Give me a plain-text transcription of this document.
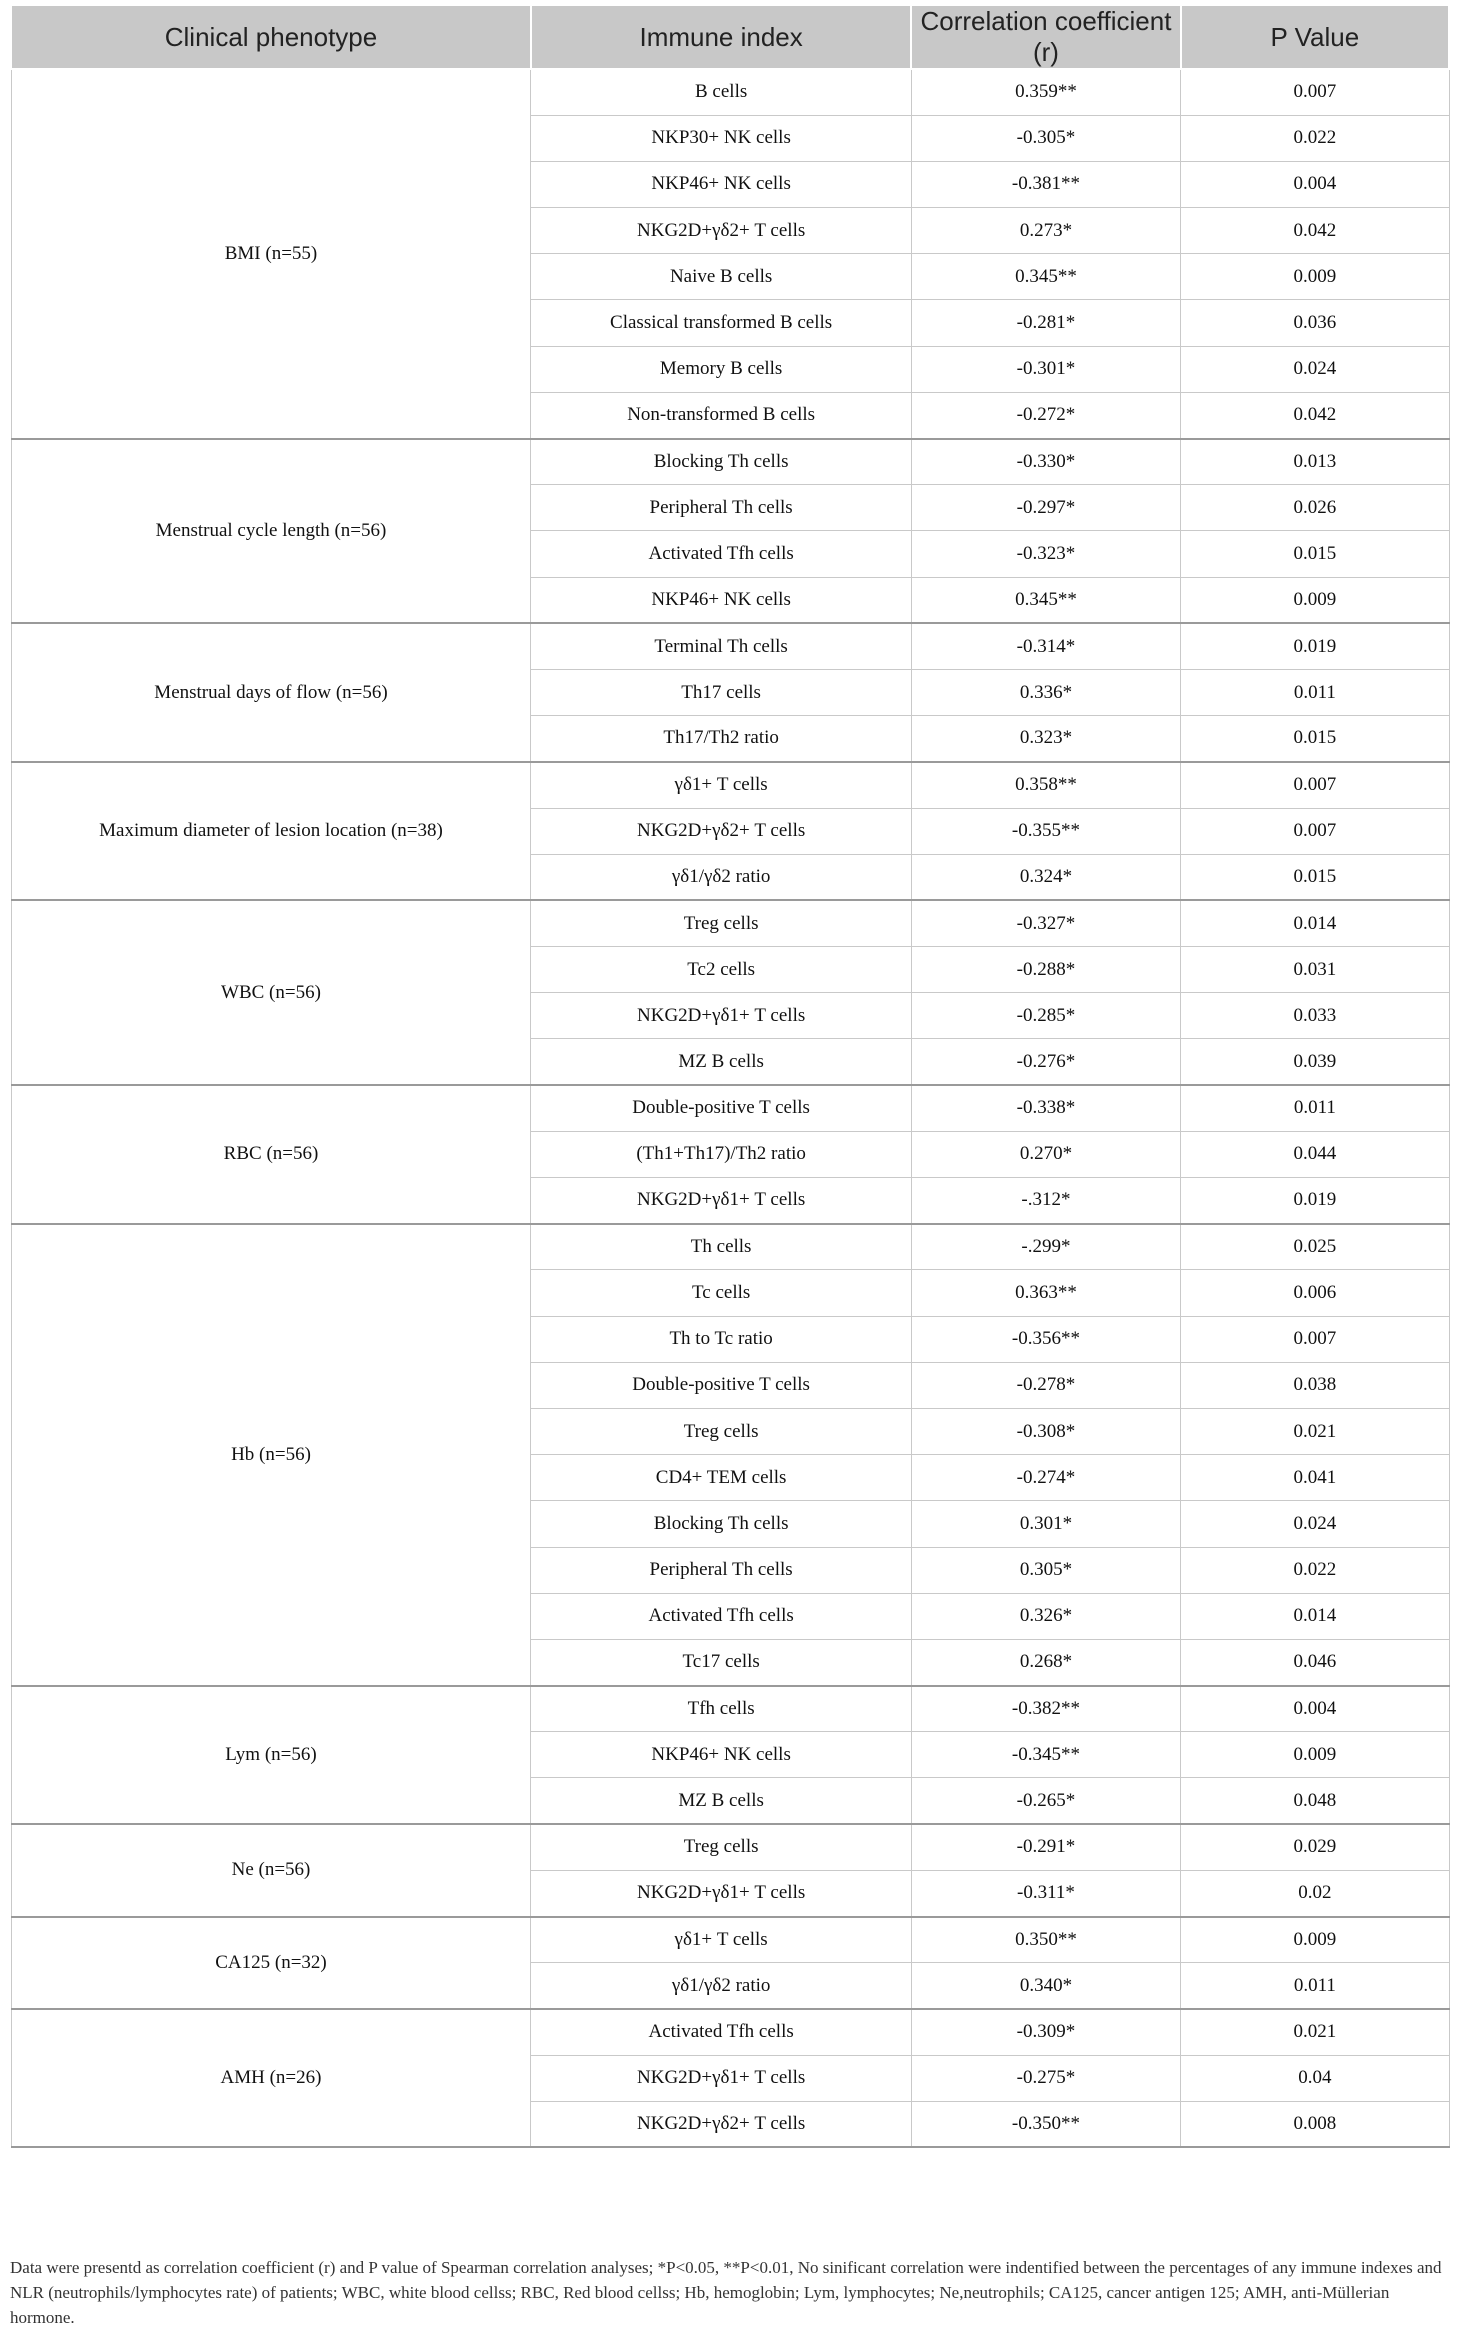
Clinical phenotype	Immune index	Correlation coefficient (r)	P Value
BMI (n=55)	B cells	0.359**	0.007
	NKP30+ NK cells	-0.305*	0.022
	NKP46+ NK cells	-0.381**	0.004
	NKG2D+γδ2+ T cells	0.273*	0.042
	Naive B cells	0.345**	0.009
	Classical transformed B cells	-0.281*	0.036
	Memory B cells	-0.301*	0.024
	Non-transformed B cells	-0.272*	0.042
Menstrual cycle length (n=56)	Blocking Th cells	-0.330*	0.013
	Peripheral Th cells	-0.297*	0.026
	Activated Tfh cells	-0.323*	0.015
	NKP46+ NK cells	0.345**	0.009
Menstrual days of flow (n=56)	Terminal Th cells	-0.314*	0.019
	Th17 cells	0.336*	0.011
	Th17/Th2 ratio	0.323*	0.015
Maximum diameter of lesion location (n=38)	γδ1+ T cells	0.358**	0.007
	NKG2D+γδ2+ T cells	-0.355**	0.007
	γδ1/γδ2 ratio	0.324*	0.015
WBC (n=56)	Treg cells	-0.327*	0.014
	Tc2 cells	-0.288*	0.031
	NKG2D+γδ1+ T cells	-0.285*	0.033
	MZ B cells	-0.276*	0.039
RBC (n=56)	Double-positive T cells	-0.338*	0.011
	(Th1+Th17)/Th2 ratio	0.270*	0.044
	NKG2D+γδ1+ T cells	-.312*	0.019
Hb (n=56)	Th cells	-.299*	0.025
	Tc cells	0.363**	0.006
	Th to Tc ratio	-0.356**	0.007
	Double-positive T cells	-0.278*	0.038
	Treg cells	-0.308*	0.021
	CD4+ TEM cells	-0.274*	0.041
	Blocking Th cells	0.301*	0.024
	Peripheral Th cells	0.305*	0.022
	Activated Tfh cells	0.326*	0.014
	Tc17 cells	0.268*	0.046
Lym (n=56)	Tfh cells	-0.382**	0.004
	NKP46+ NK cells	-0.345**	0.009
	MZ B cells	-0.265*	0.048
Ne (n=56)	Treg cells	-0.291*	0.029
	NKG2D+γδ1+ T cells	-0.311*	0.02
CA125 (n=32)	γδ1+ T cells	0.350**	0.009
	γδ1/γδ2 ratio	0.340*	0.011
AMH (n=26)	Activated Tfh cells	-0.309*	0.021
	NKG2D+γδ1+ T cells	-0.275*	0.04
	NKG2D+γδ2+ T cells	-0.350**	0.008

Data were presentd as correlation coefficient (r) and P value of Spearman correlation analyses; *P<0.05, **P<0.01, No sinificant correlation were indentified between the percentages of any immune indexes and NLR (neutrophils/lymphocytes rate) of patients; WBC, white blood cellss; RBC, Red blood cellss; Hb, hemoglobin; Lym, lymphocytes; Ne,neutrophils; CA125, cancer antigen 125; AMH, anti-Müllerian hormone.
